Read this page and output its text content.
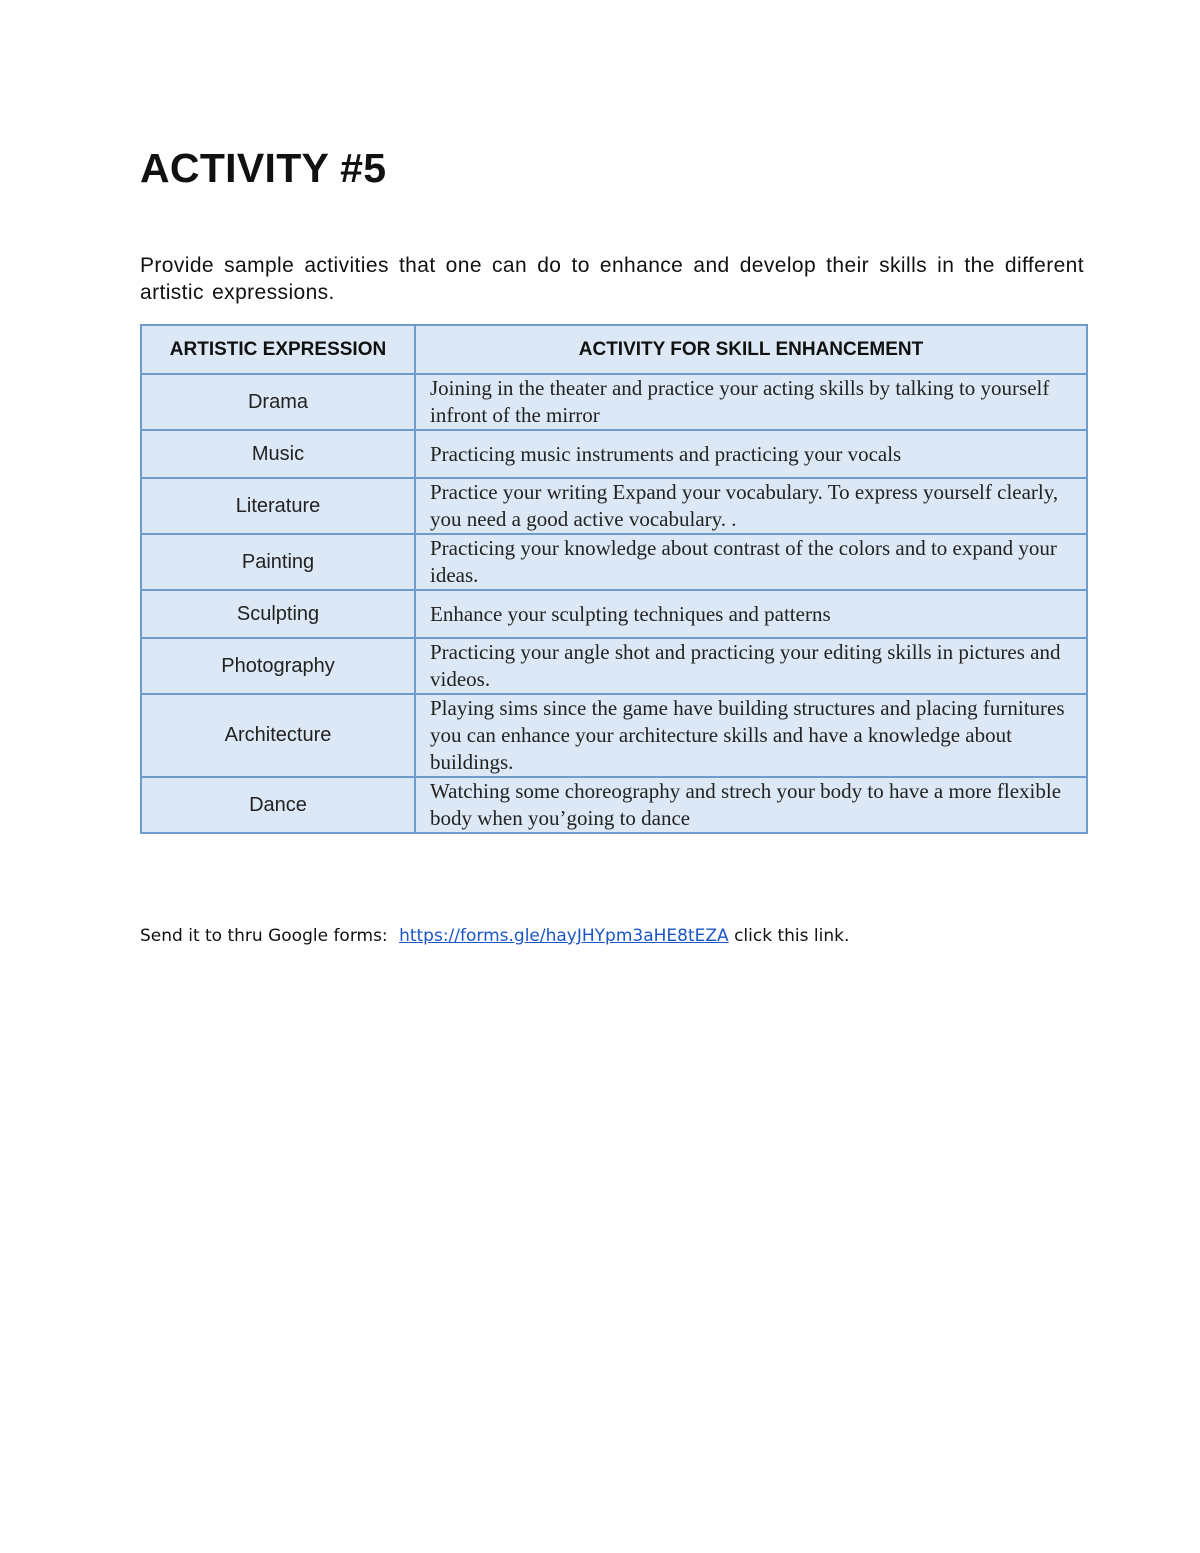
ACTIVITY #5

Provide sample activities that one can do to enhance and develop their skills in the different artistic expressions.

ARTISTIC EXPRESSION	ACTIVITY FOR SKILL ENHANCEMENT
Drama	Joining in the theater and practice your acting skills by talking to yourself infront of the mirror
Music	Practicing music instruments and practicing your vocals
Literature	Practice your writing Expand your vocabulary. To express yourself clearly, you need a good active vocabulary. .
Painting	Practicing your knowledge about contrast of the colors and to expand your ideas.
Sculpting	Enhance your sculpting techniques and patterns
Photography	Practicing your angle shot and practicing your editing skills in pictures and videos.
Architecture	Playing sims since the game have building structures and placing furnitures you can enhance your architecture skills and have a knowledge about buildings.
Dance	Watching some choreography and strech your body to have a more flexible body when you’going to dance
Send it to thru Google forms: https://forms.gle/hayJHYpm3aHE8tEZA click this link.
